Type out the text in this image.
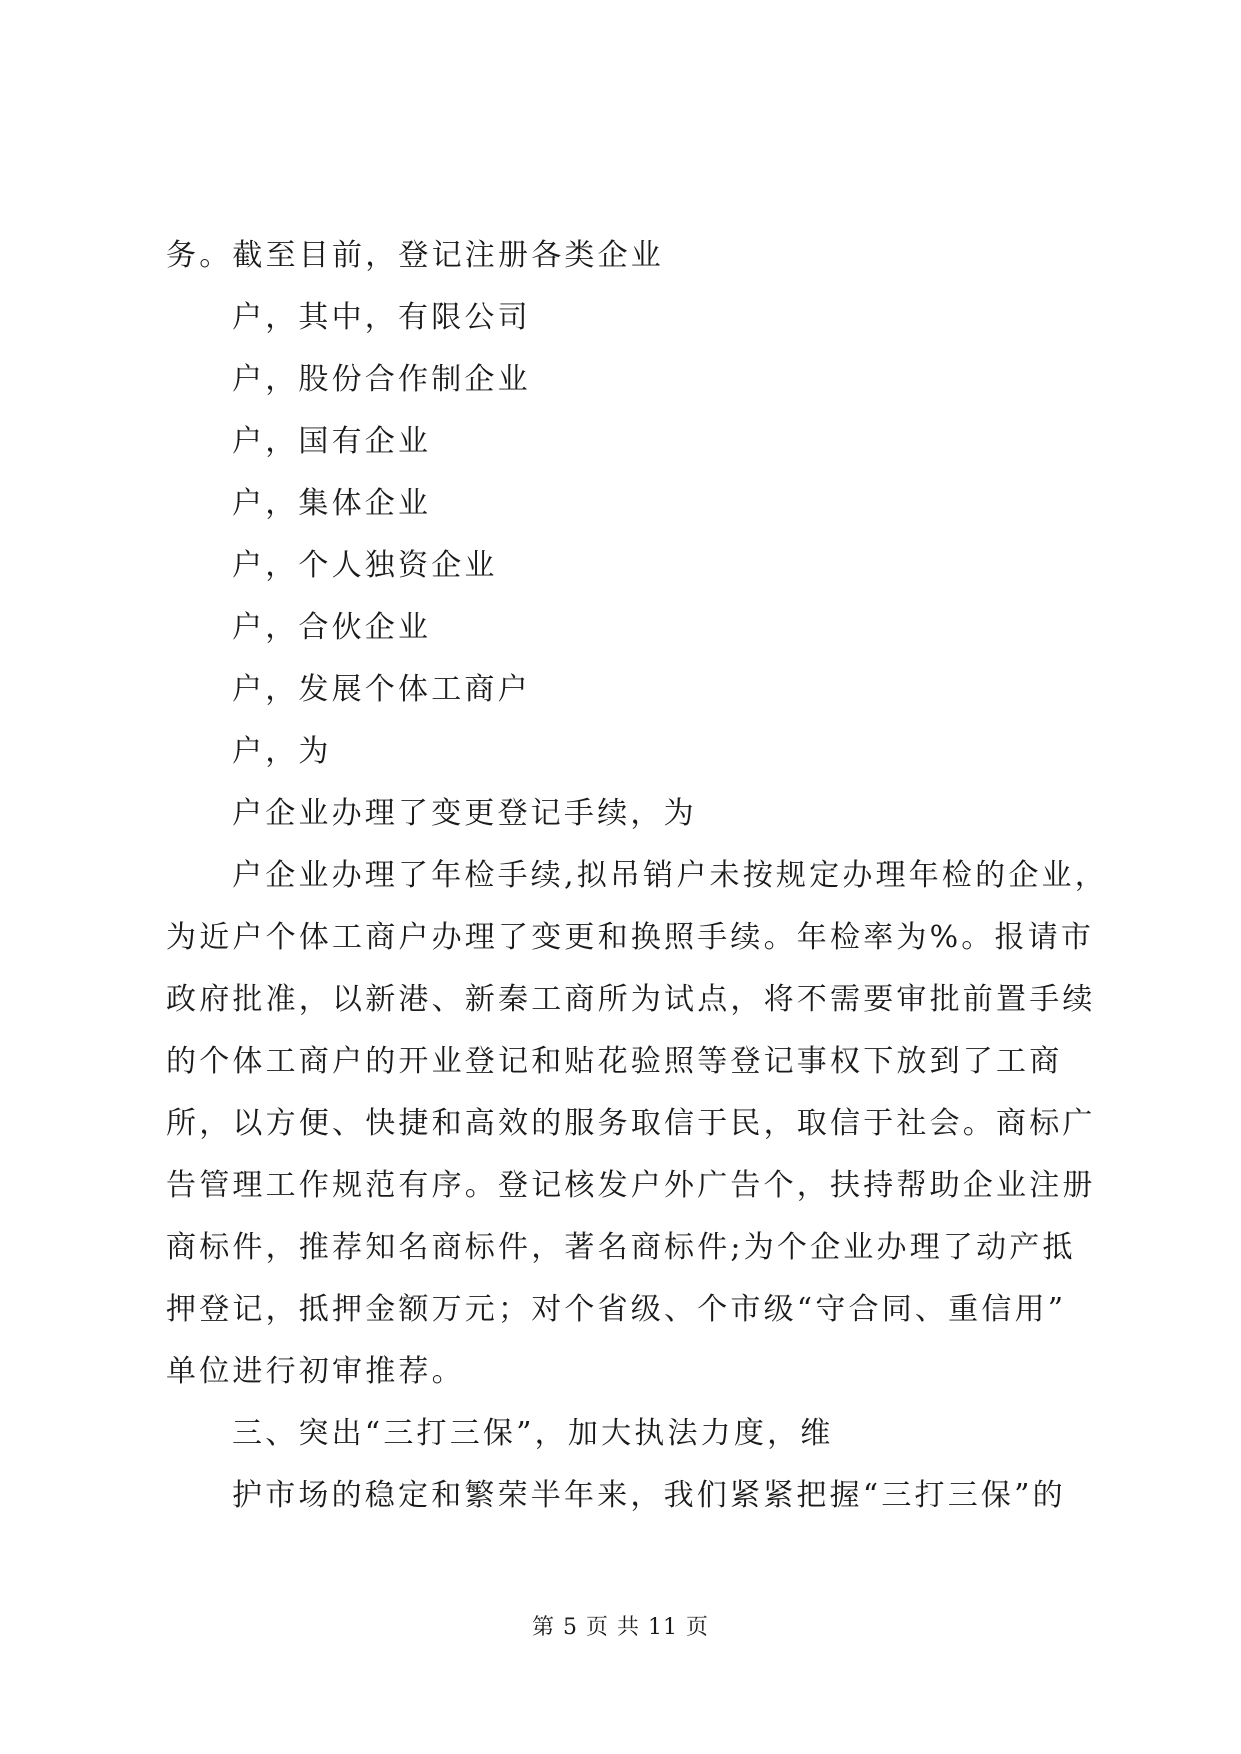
务。截至目前，登记注册各类企业
户，其中，有限公司
户，股份合作制企业
户，国有企业
户，集体企业
户，个人独资企业
户，合伙企业
户，发展个体工商户
户，为
户企业办理了变更登记手续，为
户企业办理了年检手续,拟吊销户未按规定办理年检的企业，
为近户个体工商户办理了变更和换照手续。年检率为%。报请市
政府批准，以新港、新秦工商所为试点，将不需要审批前置手续
的个体工商户的开业登记和贴花验照等登记事权下放到了工商
所，以方便、快捷和高效的服务取信于民，取信于社会。商标广
告管理工作规范有序。登记核发户外广告个，扶持帮助企业注册
商标件，推荐知名商标件，著名商标件;为个企业办理了动产抵
押登记，抵押金额万元；对个省级、个市级“守合同、重信用”
单位进行初审推荐。
三、突出“三打三保”，加大执法力度，维
护市场的稳定和繁荣半年来，我们紧紧把握“三打三保”的
第 5 页 共 11 页
